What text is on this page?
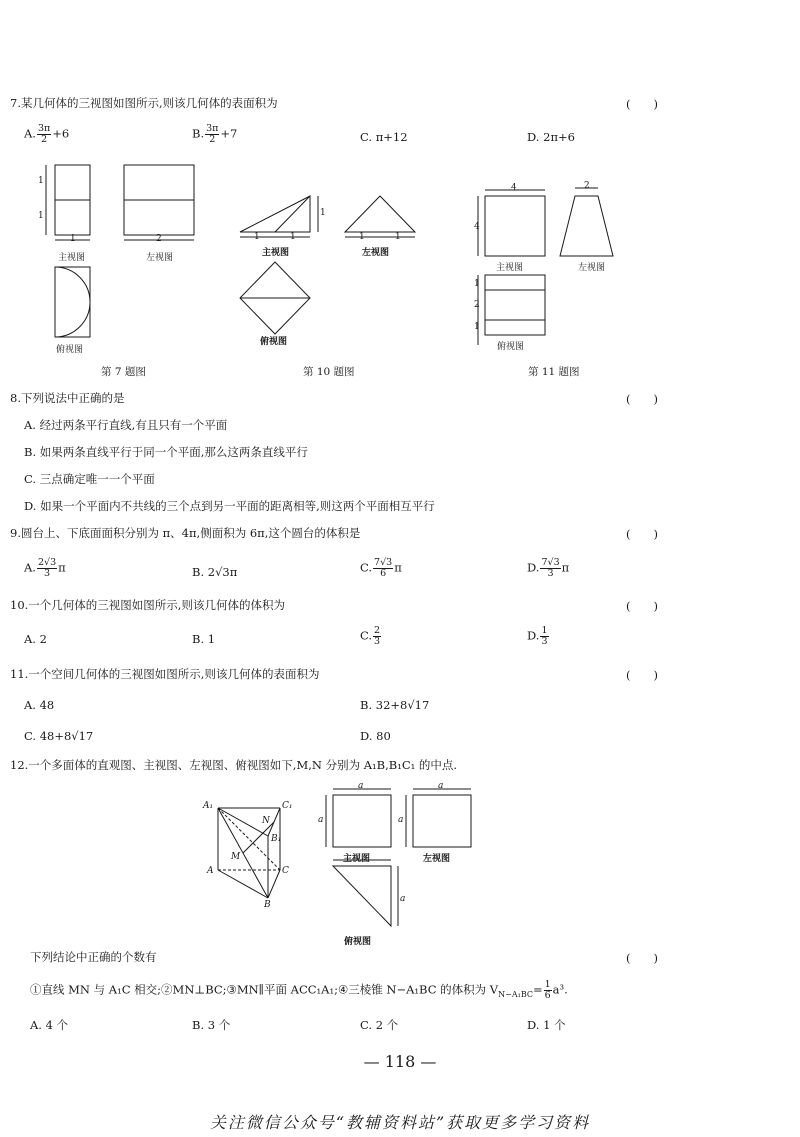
7.某几何体的三视图如图所示,则该几何体的表面积为	(　　)
A. $\frac{3\pi}{2} +6$	B. $\frac{3\pi}{2} +7$	C. π+12	D. 2π+6
1
1
1	2
主视图	左视图
俯视图
1	1
1
1	1
主视图	左视图
俯视图
4
4
2
1
2
1
主视图	左视图
俯视图
第 7 题图	第 10 题图	第 11 题图
8.下列说法中正确的是	(　　)
A. 经过两条平行直线,有且只有一个平面
B. 如果两条直线平行于同一个平面,那么这两条直线平行
C. 三点确定唯一一个平面
D. 如果一个平面内不共线的三个点到另一平面的距离相等,则这两个平面相互平行
9.圆台上、下底面面积分别为 π、4π,侧面积为 6π,这个圆台的体积是	(　　)
A. $\frac{2√3}{3}$ π	B. 2√3π	C. $\frac{7√3}{6}$ π	D. $\frac{7√3}{3}$ π
10.一个几何体的三视图如图所示,则该几何体的体积为	(　　)
A. 2	B. 1	C. $\frac{2}{3}$	D. $\frac{1}{3}$
11.一个空间几何体的三视图如图所示,则该几何体的表面积为	(　　)
A. 48	B. 32+8√17
C. 48+8√17	D. 80
12.一个多面体的直观图、主视图、左视图、俯视图如下,M,N 分别为 A₁B,B₁C₁ 的中点.
A₁	C₁
N
B₁
M
A	C
B
a
a
a
a
a
主视图	左视图
俯视图
下列结论中正确的个数有	(　　)
①直线 MN 与 A₁C 相交;②MN⊥BC;③MN∥平面 ACC₁A₁;④三棱锥 N−A₁BC 的体积为 $V_{N-A_1BC}= \frac{1}{6} a^3$.
A. 4 个	B. 3 个	C. 2 个	D. 1 个
— 118 —
关注微信公众号“教辅资料站”获取更多学习资料
